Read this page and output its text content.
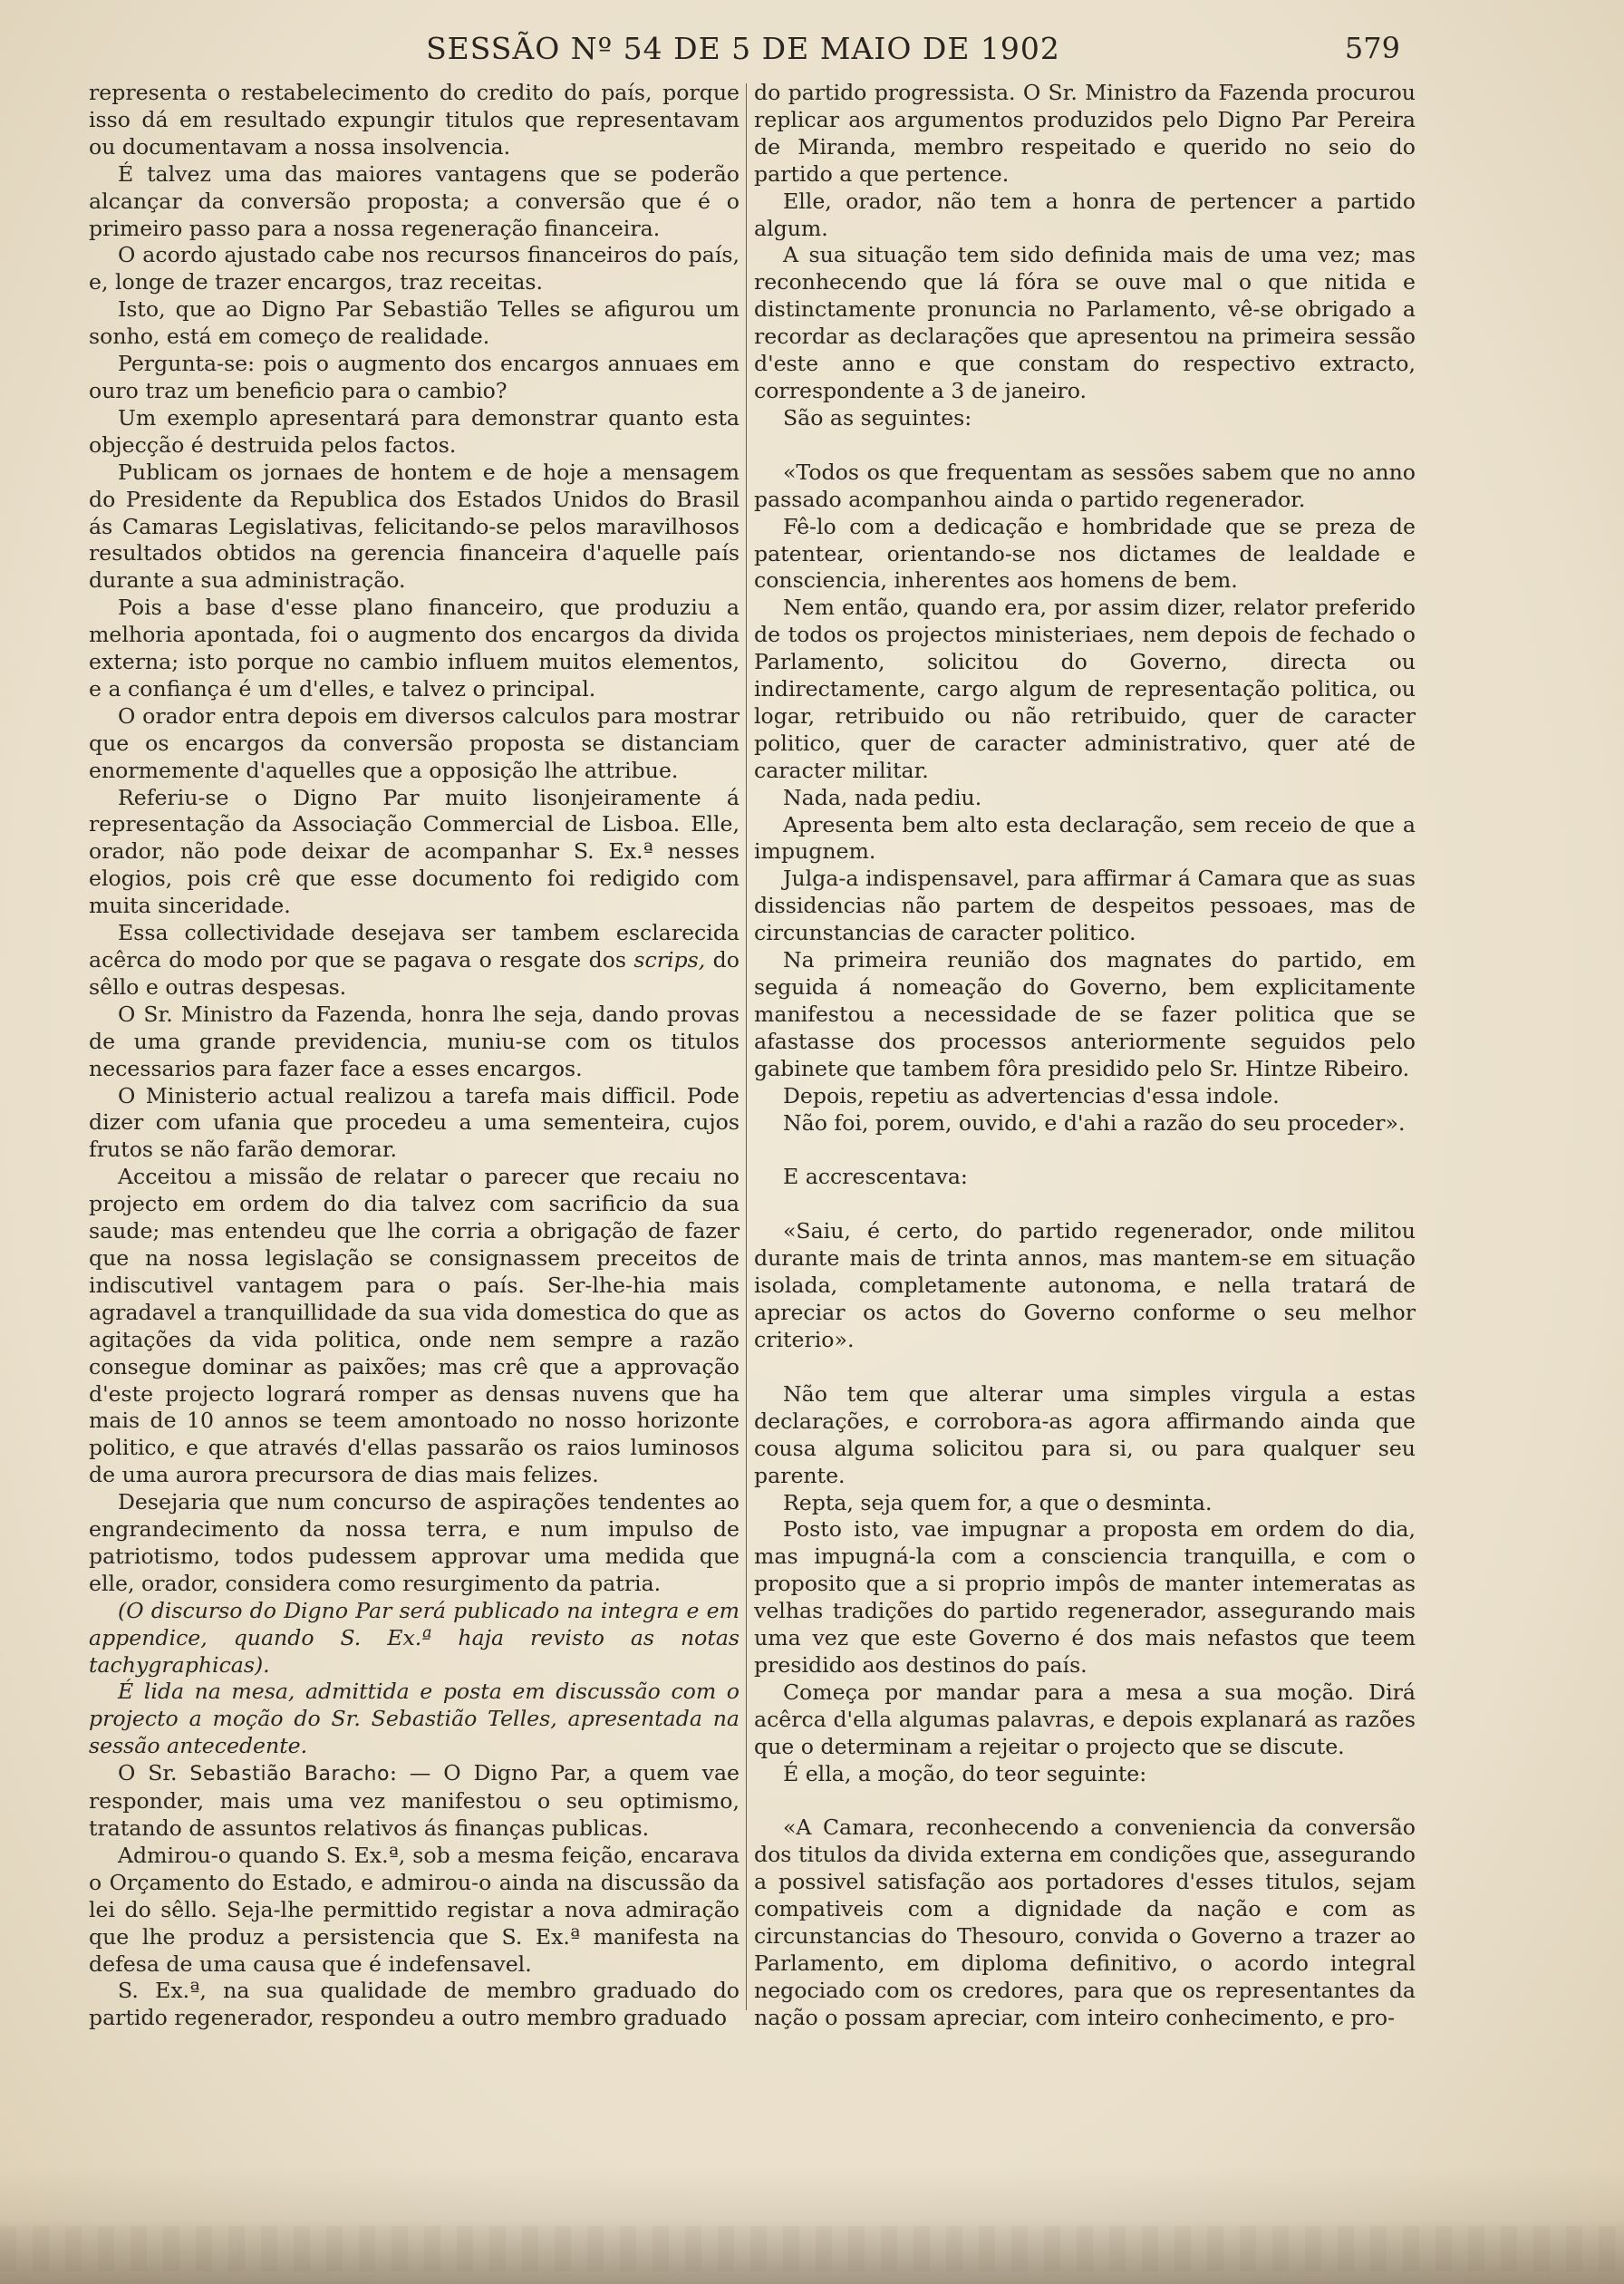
SESSÃO Nº 54 DE 5 DE MAIO DE 1902	579

representa o restabelecimento do credito do país, porque isso dá em resultado expungir titulos que representavam ou documentavam a nossa insolvencia.

É talvez uma das maiores vantagens que se poderão alcançar da conversão proposta; a conversão que é o primeiro passo para a nossa regeneração financeira.

O acordo ajustado cabe nos recursos financeiros do país, e, longe de trazer encargos, traz receitas.

Isto, que ao Digno Par Sebastião Telles se afigurou um sonho, está em começo de realidade.

Pergunta-se: pois o augmento dos encargos annuaes em ouro traz um beneficio para o cambio?

Um exemplo apresentará para demonstrar quanto esta objecção é destruida pelos factos.

Publicam os jornaes de hontem e de hoje a mensagem do Presidente da Republica dos Estados Unidos do Brasil ás Camaras Legislativas, felicitando-se pelos maravilhosos resultados obtidos na gerencia financeira d'aquelle país durante a sua administração.

Pois a base d'esse plano financeiro, que produziu a melhoria apontada, foi o augmento dos encargos da divida externa; isto porque no cambio influem muitos elementos, e a confiança é um d'elles, e talvez o principal.

O orador entra depois em diversos calculos para mostrar que os encargos da conversão proposta se distanciam enormemente d'aquelles que a opposição lhe attribue.

Referiu-se o Digno Par muito lisonjeiramente á representação da Associação Commercial de Lisboa. Elle, orador, não pode deixar de acompanhar S. Ex.ª nesses elogios, pois crê que esse documento foi redigido com muita sinceridade.

Essa collectividade desejava ser tambem esclarecida acêrca do modo por que se pagava o resgate dos scrips, do sêllo e outras despesas.

O Sr. Ministro da Fazenda, honra lhe seja, dando provas de uma grande previdencia, muniu-se com os titulos necessarios para fazer face a esses encargos.

O Ministerio actual realizou a tarefa mais difficil. Pode dizer com ufania que procedeu a uma sementeira, cujos frutos se não farão demorar.

Acceitou a missão de relatar o parecer que recaiu no projecto em ordem do dia talvez com sacrificio da sua saude; mas entendeu que lhe corria a obrigação de fazer que na nossa legislação se consignassem preceitos de indiscutivel vantagem para o país. Ser-lhe-hia mais agradavel a tranquillidade da sua vida domestica do que as agitações da vida politica, onde nem sempre a razão consegue dominar as paixões; mas crê que a approvação d'este projecto logrará romper as densas nuvens que ha mais de 10 annos se teem amontoado no nosso horizonte politico, e que através d'ellas passarão os raios luminosos de uma aurora precursora de dias mais felizes.

Desejaria que num concurso de aspirações tendentes ao engrandecimento da nossa terra, e num impulso de patriotismo, todos pudessem approvar uma medida que elle, orador, considera como resurgimento da patria.

(O discurso do Digno Par será publicado na integra e em appendice, quando S. Ex.ª haja revisto as notas tachygraphicas).

É lida na mesa, admittida e posta em discussão com o projecto a moção do Sr. Sebastião Telles, apresentada na sessão antecedente.

O Sr. Sebastião Baracho: — O Digno Par, a quem vae responder, mais uma vez manifestou o seu optimismo, tratando de assuntos relativos ás finanças publicas.

Admirou-o quando S. Ex.ª, sob a mesma feição, encarava o Orçamento do Estado, e admirou-o ainda na discussão da lei do sêllo. Seja-lhe permittido registar a nova admiração que lhe produz a persistencia que S. Ex.ª manifesta na defesa de uma causa que é indefensavel.

S. Ex.ª, na sua qualidade de membro graduado do partido regenerador, respondeu a outro membro graduado

do partido progressista. O Sr. Ministro da Fazenda procurou replicar aos argumentos produzidos pelo Digno Par Pereira de Miranda, membro respeitado e querido no seio do partido a que pertence.

Elle, orador, não tem a honra de pertencer a partido algum.

A sua situação tem sido definida mais de uma vez; mas reconhecendo que lá fóra se ouve mal o que nitida e distinctamente pronuncia no Parlamento, vê-se obrigado a recordar as declarações que apresentou na primeira sessão d'este anno e que constam do respectivo extracto, correspondente a 3 de janeiro.

São as seguintes:

«Todos os que frequentam as sessões sabem que no anno passado acompanhou ainda o partido regenerador.

Fê-lo com a dedicação e hombridade que se preza de patentear, orientando-se nos dictames de lealdade e consciencia, inherentes aos homens de bem.

Nem então, quando era, por assim dizer, relator preferido de todos os projectos ministeriaes, nem depois de fechado o Parlamento, solicitou do Governo, directa ou indirectamente, cargo algum de representação politica, ou logar, retribuido ou não retribuido, quer de caracter politico, quer de caracter administrativo, quer até de caracter militar.

Nada, nada pediu.

Apresenta bem alto esta declaração, sem receio de que a impugnem.

Julga-a indispensavel, para affirmar á Camara que as suas dissidencias não partem de despeitos pessoaes, mas de circunstancias de caracter politico.

Na primeira reunião dos magnates do partido, em seguida á nomeação do Governo, bem explicitamente manifestou a necessidade de se fazer politica que se afastasse dos processos anteriormente seguidos pelo gabinete que tambem fôra presidido pelo Sr. Hintze Ribeiro.

Depois, repetiu as advertencias d'essa indole.

Não foi, porem, ouvido, e d'ahi a razão do seu proceder».

E accrescentava:

«Saiu, é certo, do partido regenerador, onde militou durante mais de trinta annos, mas mantem-se em situação isolada, completamente autonoma, e nella tratará de apreciar os actos do Governo conforme o seu melhor criterio».

Não tem que alterar uma simples virgula a estas declarações, e corrobora-as agora affirmando ainda que cousa alguma solicitou para si, ou para qualquer seu parente.

Repta, seja quem for, a que o desminta.

Posto isto, vae impugnar a proposta em ordem do dia, mas impugná-la com a consciencia tranquilla, e com o proposito que a si proprio impôs de manter intemeratas as velhas tradições do partido regenerador, assegurando mais uma vez que este Governo é dos mais nefastos que teem presidido aos destinos do país.

Começa por mandar para a mesa a sua moção. Dirá acêrca d'ella algumas palavras, e depois explanará as razões que o determinam a rejeitar o projecto que se discute.

É ella, a moção, do teor seguinte:

«A Camara, reconhecendo a conveniencia da conversão dos titulos da divida externa em condições que, assegurando a possivel satisfação aos portadores d'esses titulos, sejam compativeis com a dignidade da nação e com as circunstancias do Thesouro, convida o Governo a trazer ao Parlamento, em diploma definitivo, o acordo integral negociado com os credores, para que os representantes da nação o possam apreciar, com inteiro conhecimento, e pro-
